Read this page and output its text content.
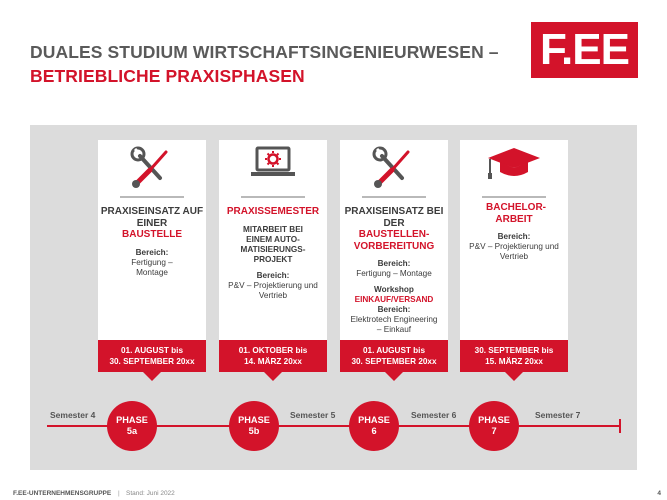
DUALES STUDIUM WIRTSCHAFTSINGENIEURWESEN –
BETRIEBLICHE PRAXISPHASEN
F.EE
PRAXISEINSATZ AUF EINER
BAUSTELLE
Bereich:
Fertigung – Montage
PRAXISSEMESTER
MITARBEIT BEI EINEM AUTO-MATISIERUNGS-PROJEKT
Bereich:
P&V – Projektierung und Vertrieb
PRAXISEINSATZ BEI DER
BAUSTELLEN-VORBEREITUNG
Bereich:
Fertigung – Montage
Workshop
EINKAUF/VERSAND
Bereich:
Elektrotech Engineering – Einkauf
BACHELOR-ARBEIT
Bereich:
P&V – Projektierung und Vertrieb
01. AUGUST bis
30. SEPTEMBER 20xx
01. OKTOBER bis
14. MÄRZ 20xx
01. AUGUST bis
30. SEPTEMBER 20xx
30. SEPTEMBER bis
15. MÄRZ 20xx
Semester 4	Semester 5	Semester 6	Semester 7
PHASE
5a
PHASE
5b
PHASE
6
PHASE
7
F.EE-UNTERNEHMENSGRUPPE | Stand: Juni 2022	4
